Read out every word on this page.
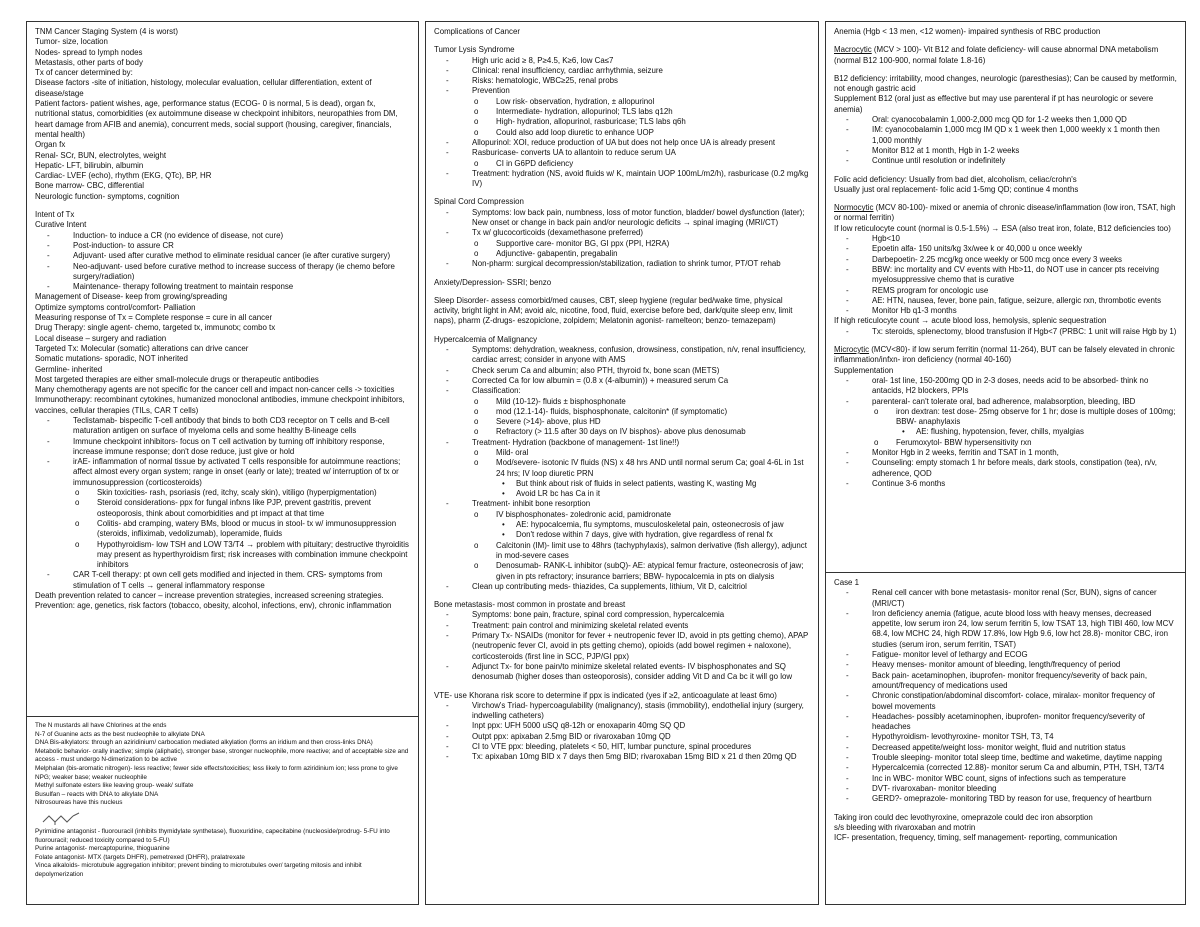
TNM Cancer Staging System (4 is worst)
Tumor- size, location
Nodes- spread to lymph nodes
Metastasis, other parts of body
Tx of cancer determined by:
Disease factors -site of initiation, histology, molecular evaluation, cellular differentiation, extent of disease/stage
Patient factors- patient wishes, age, performance status (ECOG- 0 is normal, 5 is dead), organ fx, nutritional status, comorbidities (ex autoimmune disease w checkpoint inhibitors, neuropathies from DM, heart damage from AFIB and anemia), concurrent meds, social support (housing, caregiver, financials, mental health)
Organ fx
Renal- SCr, BUN, electrolytes, weight
Hepatic- LFT, bilirubin, albumin
Cardiac- LVEF (echo), rhythm (EKG, QTc), BP, HR
Bone marrow- CBC, differential
Neurologic function- symptoms, cognition
Intent of Tx
Curative Intent
-	Induction- to induce a CR (no evidence of disease, not cure)
-	Post-induction- to assure CR
-	Adjuvant- used after curative method to eliminate residual cancer (ie after curative surgery)
-	Neo-adjuvant- used before curative method to increase success of therapy (ie chemo before surgery/radiation)
-	Maintenance- therapy following treatment to maintain response
Management of Disease- keep from growing/spreading
Optimize symptoms control/comfort- Palliation
Measuring response of Tx = Complete response = cure in all cancer
Drug Therapy: single agent- chemo, targeted tx, immunotx; combo tx
Local disease – surgery and radiation
Targeted Tx: Molecular (somatic) alterations can drive cancer
Somatic mutations- sporadic, NOT inherited
Germline- inherited
Most targeted therapies are either small-molecule drugs or therapeutic antibodies
Many chemotherapy agents are not specific for the cancer cell and impact non-cancer cells -> toxicities
Immunotherapy: recombinant cytokines, humanized monoclonal antibodies, immune checkpoint inhibitors, vaccines, cellular therapies (TILs, CAR T cells)
-	Teclistamab- bispecific T-cell antibody that binds to both CD3 receptor on T cells and B-cell maturation antigen on surface of myeloma cells and some healthy B-lineage cells
-	Immune checkpoint inhibitors- focus on T cell activation by turning off inhibitory response, increase immune response; don't dose reduce, just give or hold
-	irAE- inflammation of normal tissue by activated T cells responsible for autoimmune reactions; affect almost every organ system; range in onset (early or late); treated w/ interruption of tx or immunosuppression (corticosteroids)
o Skin toxicities- rash, psoriasis (red, itchy, scaly skin), vitiligo (hyperpigmentation)
o Steroid considerations- ppx for fungal infxns like PJP, prevent gastritis, prevent osteoporosis, think about comorbidities and pt impact at that time
o Colitis- abd cramping, watery BMs, blood or mucus in stool- tx w/ immunosuppression (steroids, infliximab, vedolizumab), loperamide, fluids
o Hypothyroidism- low TSH and LOW T3/T4 → problem with pituitary; destructive thyroiditis may present as hyperthyroidism first; risk increases with combination immune checkpoint inhibitors
-	CAR T-cell therapy: pt own cell gets modified and injected in them. CRS- symptoms from stimulation of T cells → general inflammatory response
Death prevention related to cancer – increase prevention strategies, increased screening strategies.
Prevention: age, genetics, risk factors (tobacco, obesity, alcohol, infections, env), chronic inflammation
The N mustards all have Chlorines at the ends
N-7 of Guanine acts as the best nucleophile to alkylate DNA
DNA Bis-alkylators: through an aziridinium/ carbocation mediated alkylation (forms an iridium and then cross-links DNA)
Metabolic behavior- orally inactive; simple (aliphatic), stronger base, stronger nucleophile, more reactive; and of acceptable size and access - must undergo N-dimerization to be active
Melphalan (bis-aromatic nitrogen)- less reactive; fewer side effects/toxicities; less likely to form aziridinium ion; less prone to give NPG; weaker base; weaker nucleophile
Methyl sulfonate esters like leaving group- weak/ sulfate
Busulfan – reacts with DNA to alkylate DNA
Nitrosoureas have this nucleus
Pyrimidine antagonist - fluorouracil (inhibits thymidylate synthetase), fluoxuridine, capecitabine (nucleoside/prodrug- 5-FU into fluorouracil; reduced toxicity compared to 5-FU)
Purine antagonist- mercaptopurine, thioguanine
Folate antagonist- MTX (targets DHFR), pemetrexed (DHFR), pralatrexate
Vinca alkaloids- microtubule aggregation inhibitor; prevent binding to microtubules over/ targeting mitosis and inhibit depolymerization
Complications of Cancer
Tumor Lysis Syndrome
-	High uric acid ≥ 8, P≥4.5, K≥6, low Ca≤7
-	Clinical: renal insufficiency, cardiac arrhythmia, seizure
-	Risks: hematologic, WBC≥25, renal probs
-	Prevention
o Low risk- observation, hydration, ± allopurinol
o Intermediate- hydration, allopurinol; TLS labs q12h
o High- hydration, allopurinol, rasburicase; TLS labs q6h
o Could also add loop diuretic to enhance UOP
-	Allopurinol: XOI, reduce production of UA but does not help once UA is already present
-	Rasburicase- converts UA to allantoin to reduce serum UA
o CI in G6PD deficiency
-	Treatment: hydration (NS, avoid fluids w/ K, maintain UOP 100mL/m2/h), rasburicase (0.2 mg/kg IV)
Spinal Cord Compression
-	Symptoms: low back pain, numbness, loss of motor function, bladder/ bowel dysfunction (later); New onset or change in back pain and/or neurologic deficits → spinal imaging (MRI/CT)
-	Tx w/ glucocorticoids (dexamethasone preferred)
o Supportive care- monitor BG, GI ppx (PPI, H2RA)
o Adjunctive- gabapentin, pregabalin
-	Non-pharm: surgical decompression/stabilization, radiation to shrink tumor, PT/OT rehab
Anxiety/Depression- SSRI; benzo
Sleep Disorder- assess comorbid/med causes, CBT, sleep hygiene (regular bed/wake time, physical activity, bright light in AM; avoid alc, nicotine, food, fluid, exercise before bed, dark/quite sleep env, limit naps), pharm (Z-drugs- eszopiclone, zolpidem; Melatonin agonist- ramelteon; benzo- temazepam)
Hypercalcemia of Malignancy
-	Symptoms: dehydration, weakness, confusion, drowsiness, constipation, n/v, renal insufficiency, cardiac arrest; consider in anyone with AMS
-	Check serum Ca and albumin; also PTH, thyroid fx, bone scan (METS)
-	Corrected Ca for low albumin = (0.8 x (4-albumin)) + measured serum Ca
-	Classification:
o Mild (10-12)- fluids ± bisphosphonate
o mod (12.1-14)- fluids, bisphosphonate, calcitonin* (if symptomatic)
o Severe (>14)- above, plus HD
o Refractory (> 11.5 after 30 days on IV bisphos)- above plus denosumab
-	Treatment- Hydration (backbone of management- 1st line!!)
o Mild- oral
o Mod/severe- isotonic IV fluids (NS) x 48 hrs AND until normal serum Ca; goal 4-6L in 1st 24 hrs; IV loop diuretic PRN
• But think about risk of fluids in select patients, wasting K, wasting Mg
• Avoid LR bc has Ca in it
-	Treatment- inhibit bone resorption
o IV bisphosphonates- zoledronic acid, pamidronate
• AE: hypocalcemia, flu symptoms, musculoskeletal pain, osteonecrosis of jaw
• Don't redose within 7 days, give with hydration, give regardless of renal fx
o Calcitonin (IM)- limit use to 48hrs (tachyphylaxis), salmon derivative (fish allergy), adjunct in mod-severe cases
o Denosumab- RANK-L inhibitor (subQ)- AE: atypical femur fracture, osteonecrosis of jaw; given in pts refractory; insurance barriers; BBW- hypocalcemia in pts on dialysis
-	Clean up contributing meds- thiazides, Ca supplements, lithium, Vit D, calcitriol
Bone metastasis- most common in prostate and breast
-	Symptoms: bone pain, fracture, spinal cord compression, hypercalcemia
-	Treatment: pain control and minimizing skeletal related events
-	Primary Tx- NSAIDs (monitor for fever + neutropenic fever ID, avoid in pts getting chemo), APAP (neutropenic fever CI, avoid in pts getting chemo), opioids (add bowel regimen + naloxone), corticosteroids (first line in SCC, PJP/GI ppx)
-	Adjunct Tx- for bone pain/to minimize skeletal related events- IV bisphosphonates and SQ denosumab (higher doses than osteoporosis), consider adding Vit D and Ca bc it will go low
VTE- use Khorana risk score to determine if ppx is indicated (yes if ≥2, anticoagulate at least 6mo)
-	Virchow's Triad- hypercoagulability (malignancy), stasis (immobility), endothelial injury (surgery, indwelling catheters)
-	Inpt ppx: UFH 5000 uSQ q8-12h or enoxaparin 40mg SQ QD
-	Outpt ppx: apixaban 2.5mg BID or rivaroxaban 10mg QD
-	CI to VTE ppx: bleeding, platelets < 50, HIT, lumbar puncture, spinal procedures
-	Tx: apixaban 10mg BID x 7 days then 5mg BID; rivaroxaban 15mg BID x 21 d then 20mg QD
Anemia (Hgb < 13 men, <12 women)- impaired synthesis of RBC production
Macrocytic (MCV > 100)- Vit B12 and folate deficiency- will cause abnormal DNA metabolism (normal B12 100-900, normal folate 1.8-16)
B12 deficiency: irritability, mood changes, neurologic (paresthesias); Can be caused by metformin, not enough gastric acid
Supplement B12 (oral just as effective but may use parenteral if pt has neurologic or severe anemia)
-	Oral: cyanocobalamin 1,000-2,000 mcg QD for 1-2 weeks then 1,000 QD
-	IM: cyanocobalamin 1,000 mcg IM QD x 1 week then 1,000 weekly x 1 month then 1,000 monthly
-	Monitor B12 at 1 month, Hgb in 1-2 weeks
-	Continue until resolution or indefinitely
Folic acid deficiency: Usually from bad diet, alcoholism, celiac/crohn's
Usually just oral replacement- folic acid 1-5mg QD; continue 4 months
Normocytic (MCV 80-100)- mixed or anemia of chronic disease/inflammation (low iron, TSAT, high or normal ferritin)
If low reticulocyte count (normal is 0.5-1.5%) → ESA (also treat iron, folate, B12 deficiencies too)
-	Hgb<10
-	Epoetin alfa- 150 units/kg 3x/wee k or 40,000 u once weekly
-	Darbepoetin- 2.25 mcg/kg once weekly or 500 mcg once every 3 weeks
-	BBW: inc mortality and CV events with Hb>11, do NOT use in cancer pts receiving myelosuppressive chemo that is curative
-	REMS program for oncologic use
-	AE: HTN, nausea, fever, bone pain, fatigue, seizure, allergic rxn, thrombotic events
-	Monitor Hb q1-3 months
If high reticulocyte count → acute blood loss, hemolysis, splenic sequestration
-	Tx: steroids, splenectomy, blood transfusion if Hgb<7 (PRBC: 1 unit will raise Hgb by 1)
Microcytic (MCV<80)- if low serum ferritin (normal 11-264), BUT can be falsely elevated in chronic inflammation/infxn- iron deficiency (normal 40-160)
Supplementation
-	oral- 1st line, 150-200mg QD in 2-3 doses, needs acid to be absorbed- think no antacids, H2 blockers, PPIs
-	parenteral- can't tolerate oral, bad adherence, malabsorption, bleeding, IBD
o iron dextran: test dose- 25mg observe for 1 hr; dose is multiple doses of 100mg; BBW- anaphylaxis
• AE: flushing, hypotension, fever, chills, myalgias
o Ferumoxytol- BBW hypersensitivity rxn
-	Monitor Hgb in 2 weeks, ferritin and TSAT in 1 month,
-	Counseling: empty stomach 1 hr before meals, dark stools, constipation (tea), n/v, adherence, QOD
-	Continue 3-6 months
Case 1
-	Renal cell cancer with bone metastasis- monitor renal (Scr, BUN), signs of cancer (MRI/CT)
-	Iron deficiency anemia (fatigue, acute blood loss with heavy menses, decreased appetite, low serum iron 24, low serum ferritin 5, low TSAT 13, high TIBI 460, low MCV 68.4, low MCHC 24, high RDW 17.8%, low Hgb 9.6, low hct 28.8)- monitor CBC, iron studies (serum iron, serum ferritin, TSAT)
-	Fatigue- monitor level of lethargy and ECOG
-	Heavy menses- monitor amount of bleeding, length/frequency of period
-	Back pain- acetaminophen, ibuprofen- monitor frequency/severity of back pain, amount/frequency of medications used
-	Chronic constipation/abdominal discomfort- colace, miralax- monitor frequency of bowel movements
-	Headaches- possibly acetaminophen, ibuprofen- monitor frequency/severity of headaches
-	Hypothyroidism- levothyroxine- monitor TSH, T3, T4
-	Decreased appetite/weight loss- monitor weight, fluid and nutrition status
-	Trouble sleeping- monitor total sleep time, bedtime and waketime, daytime napping
-	Hypercalcemia (corrected 12.88)- monitor serum Ca and albumin, PTH, TSH, T3/T4
-	Inc in WBC- monitor WBC count, signs of infections such as temperature
-	DVT- rivaroxaban- monitor bleeding
-	GERD?- omeprazole- monitoring TBD by reason for use, frequency of heartburn
Taking iron could dec levothyroxine, omeprazole could dec iron absorption
s/s bleeding with rivaroxaban and motrin
ICF- presentation, frequency, timing, self management- reporting, communication
